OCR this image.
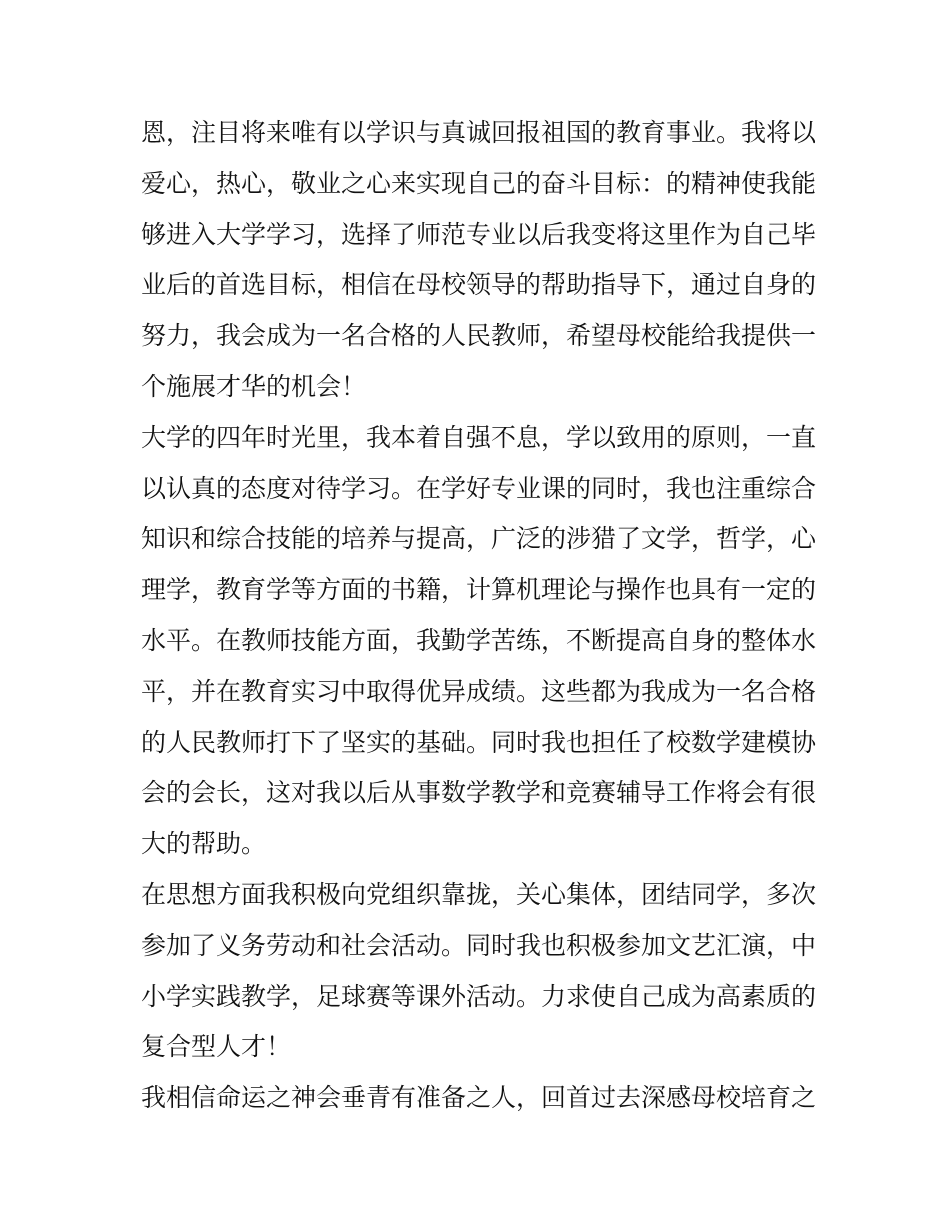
恩，注目将来唯有以学识与真诚回报祖国的教育事业。我将以
爱心，热心，敬业之心来实现自己的奋斗目标：的精神使我能
够进入大学学习，选择了师范专业以后我变将这里作为自己毕
业后的首选目标，相信在母校领导的帮助指导下，通过自身的
努力，我会成为一名合格的人民教师，希望母校能给我提供一
个施展才华的机会！
大学的四年时光里，我本着自强不息，学以致用的原则，一直
以认真的态度对待学习。在学好专业课的同时，我也注重综合
知识和综合技能的培养与提高，广泛的涉猎了文学，哲学，心
理学，教育学等方面的书籍，计算机理论与操作也具有一定的
水平。在教师技能方面，我勤学苦练，不断提高自身的整体水
平，并在教育实习中取得优异成绩。这些都为我成为一名合格
的人民教师打下了坚实的基础。同时我也担任了校数学建模协
会的会长，这对我以后从事数学教学和竞赛辅导工作将会有很
大的帮助。
在思想方面我积极向党组织靠拢，关心集体，团结同学，多次
参加了义务劳动和社会活动。同时我也积极参加文艺汇演，中
小学实践教学，足球赛等课外活动。力求使自己成为高素质的
复合型人才！
我相信命运之神会垂青有准备之人，回首过去深感母校培育之
